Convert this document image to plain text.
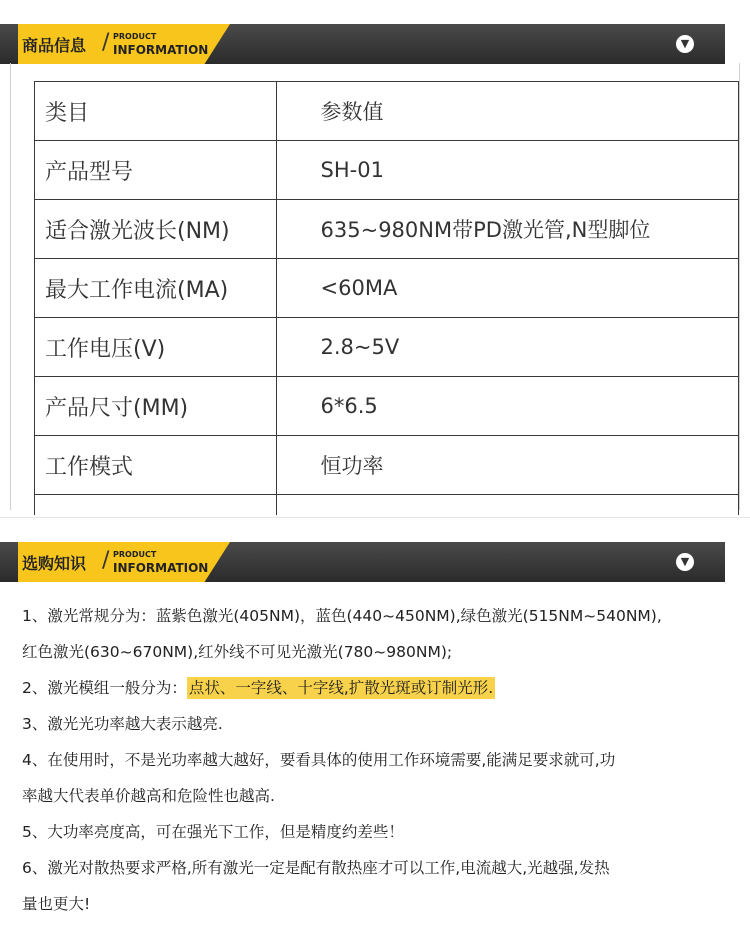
商品信息 / PRODUCT
INFORMATION	▼
类目	参数值
产品型号	SH-01
适合激光波长(NM)	635~980NM带PD激光管,N型脚位
最大工作电流(MA)	<60MA
工作电压(V)	2.8~5V
产品尺寸(MM)	6*6.5
工作模式	恒功率

选购知识 / PRODUCT
INFORMATION	▼
1、激光常规分为：蓝紫色激光(405NM)，蓝色(440~450NM),绿色激光(515NM~540NM),
红色激光(630~670NM),红外线不可见光激光(780~980NM);
2、激光模组一般分为： 点状、一字线、十字线,扩散光斑或订制光形.
3、激光光功率越大表示越亮.
4、在使用时，不是光功率越大越好，要看具体的使用工作环境需要,能满足要求就可,功
率越大代表单价越高和危险性也越高.
5、大功率亮度高，可在强光下工作，但是精度约差些！
6、激光对散热要求严格,所有激光一定是配有散热座才可以工作,电流越大,光越强,发热
量也更大!
